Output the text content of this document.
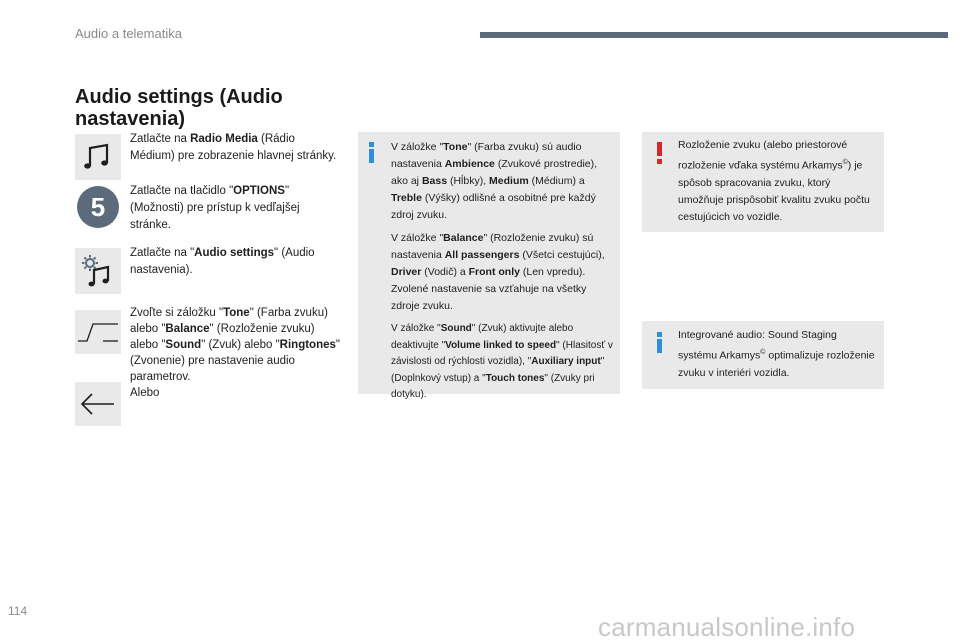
Audio a telematika
Audio settings (Audio nastavenia)
Zatlačte na Radio Media (Rádio Médium) pre zobrazenie hlavnej stránky.
5
Zatlačte na tlačidlo "OPTIONS" (Možnosti) pre prístup k vedľajšej stránke.
Zatlačte na "Audio settings" (Audio nastavenia).
Zvoľte si záložku "Tone" (Farba zvuku) alebo "Balance" (Rozloženie zvuku) alebo "Sound" (Zvuk) alebo "Ringtones" (Zvonenie) pre nastavenie audio parametrov.
Alebo

V záložke "Tone" (Farba zvuku) sú audio nastavenia Ambience (Zvukové prostredie), ako aj Bass (Hĺbky), Medium (Médium) a Treble (Výšky) odlišné a osobitné pre každý zdroj zvuku.

V záložke "Balance" (Rozloženie zvuku) sú nastavenia All passengers (Všetci cestujúci), Driver (Vodič) a Front only (Len vpredu). Zvolené nastavenie sa vzťahuje na všetky zdroje zvuku.

V záložke "Sound" (Zvuk) aktivujte alebo deaktivujte "Volume linked to speed" (Hlasitosť v závislosti od rýchlosti vozidla), "Auxiliary input" (Doplnkový vstup) a "Touch tones" (Zvuky pri dotyku).

Rozloženie zvuku (alebo priestorové rozloženie vďaka systému Arkamys©) je spôsob spracovania zvuku, ktorý umožňuje prispôsobiť kvalitu zvuku počtu cestujúcich vo vozidle.

Integrované audio: Sound Staging systému Arkamys© optimalizuje rozloženie zvuku v interiéri vozidla.

114
carmanualsonline.info
